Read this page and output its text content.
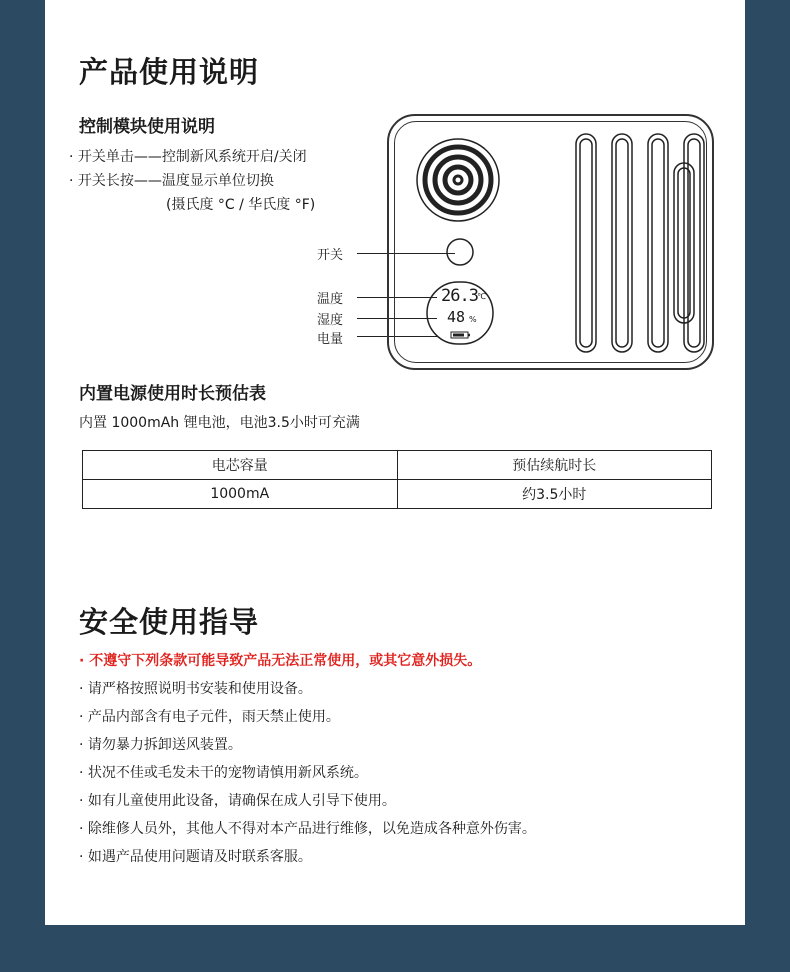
产品使用说明
控制模块使用说明
· 开关单击——控制新风系统开启/关闭
· 开关长按——温度显示单位切换
(摄氏度 °C / 华氏度 °F)
开关
温度
湿度
电量
26.3 ℃
48 %
内置电源使用时长预估表
内置 1000mAh 锂电池，电池3.5小时可充满
电芯容量	预估续航时长
1000mA	约3.5小时
安全使用指导
· 不遵守下列条款可能导致产品无法正常使用，或其它意外损失。
· 请严格按照说明书安装和使用设备。
· 产品内部含有电子元件，雨天禁止使用。
· 请勿暴力拆卸送风装置。
· 状况不佳或毛发未干的宠物请慎用新风系统。
· 如有儿童使用此设备，请确保在成人引导下使用。
· 除维修人员外，其他人不得对本产品进行维修，以免造成各种意外伤害。
· 如遇产品使用问题请及时联系客服。
